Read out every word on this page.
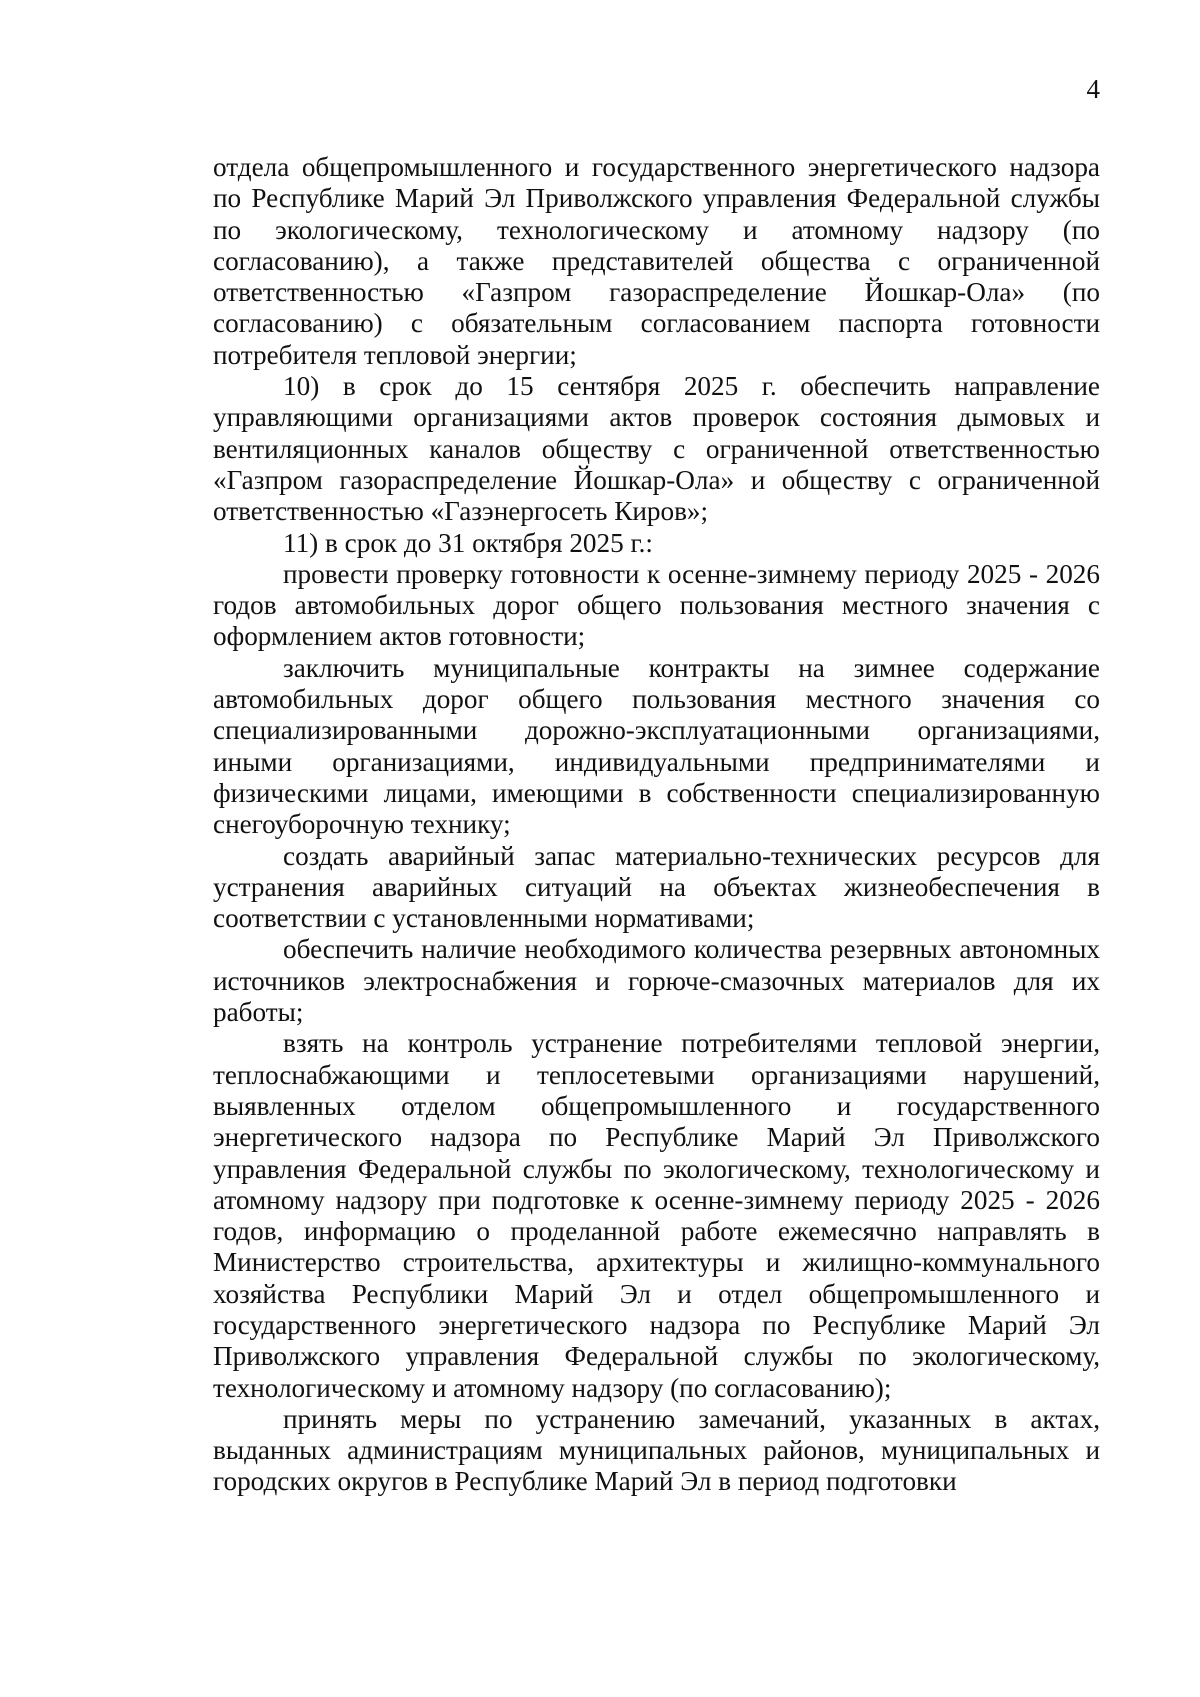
4

отдела общепромышленного и государственного энергетического надзора по Республике Марий Эл Приволжского управления Федеральной службы по экологическому, технологическому и атомному надзору (по согласованию), а также представителей общества с ограниченной ответственностью «Газпром газораспределение Йошкар-Ола» (по согласованию) с обязательным согласованием паспорта готовности потребителя тепловой энергии;

10) в срок до 15 сентября 2025 г. обеспечить направление управляющими организациями актов проверок состояния дымовых и вентиляционных каналов обществу с ограниченной ответственностью «Газпром газораспределение Йошкар-Ола» и обществу с ограниченной ответственностью «Газэнергосеть Киров»;

11) в срок до 31 октября 2025 г.:

провести проверку готовности к осенне-зимнему периоду 2025 - 2026 годов автомобильных дорог общего пользования местного значения с оформлением актов готовности;

заключить муниципальные контракты на зимнее содержание автомобильных дорог общего пользования местного значения со специализированными дорожно-эксплуатационными организациями, иными организациями, индивидуальными предпринимателями и физическими лицами, имеющими в собственности специализированную снегоуборочную технику;

создать аварийный запас материально-технических ресурсов для устранения аварийных ситуаций на объектах жизнеобеспечения в соответствии с установленными нормативами;

обеспечить наличие необходимого количества резервных автономных источников электроснабжения и горюче-смазочных материалов для их работы;

взять на контроль устранение потребителями тепловой энергии, теплоснабжающими и теплосетевыми организациями нарушений, выявленных отделом общепромышленного и государственного энергетического надзора по Республике Марий Эл Приволжского управления Федеральной службы по экологическому, технологическому и атомному надзору при подготовке к осенне-зимнему периоду 2025 - 2026 годов, информацию о проделанной работе ежемесячно направлять в Министерство строительства, архитектуры и жилищно-коммунального хозяйства Республики Марий Эл и отдел общепромышленного и государственного энергетического надзора по Республике Марий Эл Приволжского управления Федеральной службы по экологическому, технологическому и атомному надзору (по согласованию);

принять меры по устранению замечаний, указанных в актах, выданных администрациям муниципальных районов, муниципальных и городских округов в Республике Марий Эл в период подготовки
